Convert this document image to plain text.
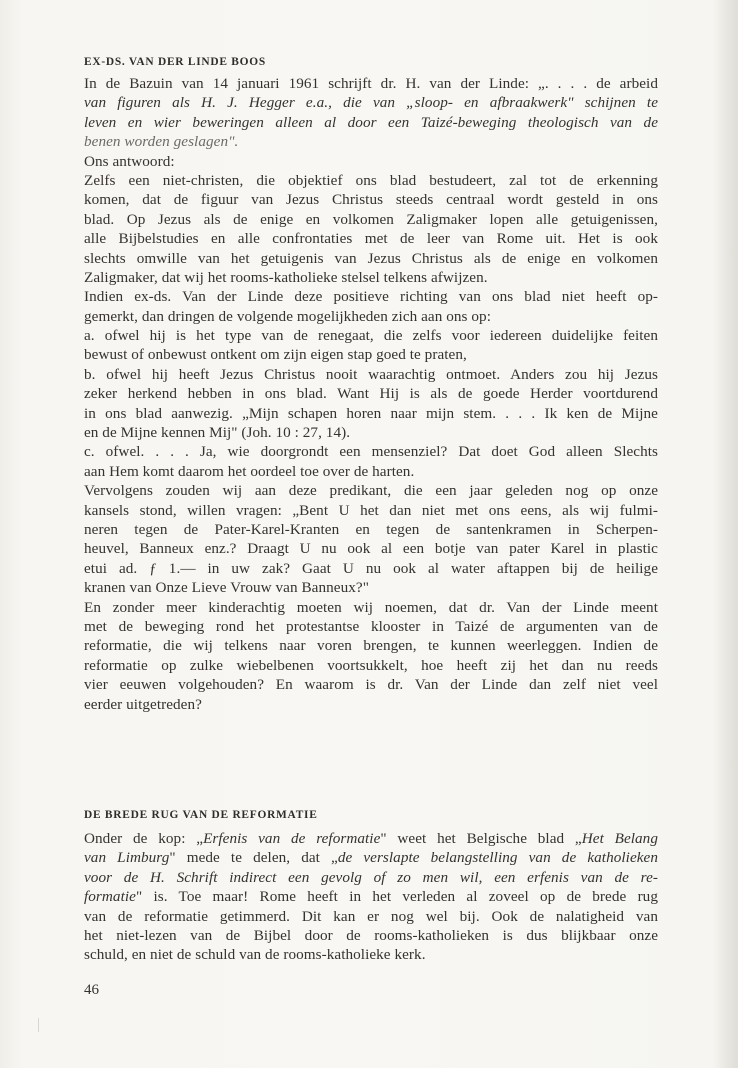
EX-DS. VAN DER LINDE BOOS
In de Bazuin van 14 januari 1961 schrijft dr. H. van der Linde: „. . . . de arbeid
van figuren als H. J. Hegger e.a., die van „sloop- en afbraakwerk" schijnen te
leven en wier beweringen alleen al door een Taizé-beweging theologisch van de
benen worden geslagen".
Ons antwoord:
Zelfs een niet-christen, die objektief ons blad bestudeert, zal tot de erkenning
komen, dat de figuur van Jezus Christus steeds centraal wordt gesteld in ons
blad. Op Jezus als de enige en volkomen Zaligmaker lopen alle getuigenissen,
alle Bijbelstudies en alle confrontaties met de leer van Rome uit. Het is ook
slechts omwille van het getuigenis van Jezus Christus als de enige en volkomen
Zaligmaker, dat wij het rooms-katholieke stelsel telkens afwijzen.
Indien ex-ds. Van der Linde deze positieve richting van ons blad niet heeft op-
gemerkt, dan dringen de volgende mogelijkheden zich aan ons op:
a. ofwel hij is het type van de renegaat, die zelfs voor iedereen duidelijke feiten
bewust of onbewust ontkent om zijn eigen stap goed te praten,
b. ofwel hij heeft Jezus Christus nooit waarachtig ontmoet. Anders zou hij Jezus
zeker herkend hebben in ons blad. Want Hij is als de goede Herder voortdurend
in ons blad aanwezig. „Mijn schapen horen naar mijn stem. . . . Ik ken de Mijne
en de Mijne kennen Mij" (Joh. 10 : 27, 14).
c. ofwel. . . . Ja, wie doorgrondt een mensenziel? Dat doet God alleen Slechts
aan Hem komt daarom het oordeel toe over de harten.
Vervolgens zouden wij aan deze predikant, die een jaar geleden nog op onze
kansels stond, willen vragen: „Bent U het dan niet met ons eens, als wij fulmi-
neren tegen de Pater-Karel-Kranten en tegen de santenkramen in Scherpen-
heuvel, Banneux enz.? Draagt U nu ook al een botje van pater Karel in plastic
etui ad. ƒ 1.— in uw zak? Gaat U nu ook al water aftappen bij de heilige
kranen van Onze Lieve Vrouw van Banneux?"
En zonder meer kinderachtig moeten wij noemen, dat dr. Van der Linde meent
met de beweging rond het protestantse klooster in Taizé de argumenten van de
reformatie, die wij telkens naar voren brengen, te kunnen weerleggen. Indien de
reformatie op zulke wiebelbenen voortsukkelt, hoe heeft zij het dan nu reeds
vier eeuwen volgehouden? En waarom is dr. Van der Linde dan zelf niet veel
eerder uitgetreden?
DE BREDE RUG VAN DE REFORMATIE
Onder de kop: „Erfenis van de reformatie" weet het Belgische blad „Het Belang
van Limburg" mede te delen, dat „de verslapte belangstelling van de katholieken
voor de H. Schrift indirect een gevolg of zo men wil, een erfenis van de re-
formatie" is. Toe maar! Rome heeft in het verleden al zoveel op de brede rug
van de reformatie getimmerd. Dit kan er nog wel bij. Ook de nalatigheid van
het niet-lezen van de Bijbel door de rooms-katholieken is dus blijkbaar onze
schuld, en niet de schuld van de rooms-katholieke kerk.
46
